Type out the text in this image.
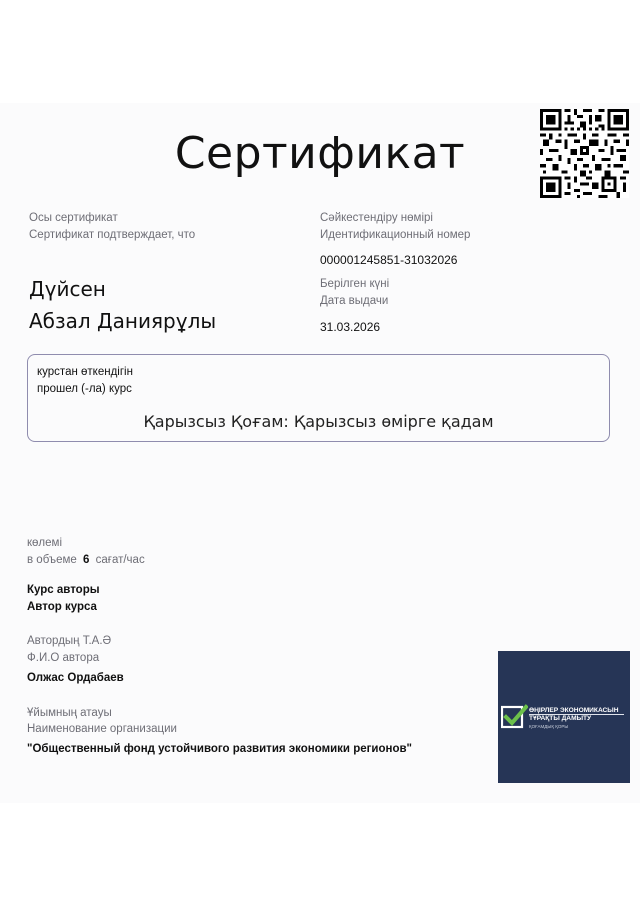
Сертификат
Осы сертификат
Сертификат подтверждает, что
Дүйсен
Абзал Даниярұлы
Сәйкестендіру нөмірі
Идентификационный номер
000001245851-31032026
Берілген күні
Дата выдачи
31.03.2026
курстан өткендігін
прошел (-ла) курс
Қарызсыз Қоғам: Қарызсыз өмірге қадам
көлемі
в объеме 6 сағат/час
Курс авторы
Автор курса
Автордың Т.А.Ә
Ф.И.О автора
Олжас Ордабаев
Ұйымның атауы
Наименование организации
"Общественный фонд устойчивого развития экономики регионов"
ӨҢІРЛЕР ЭКОНОМИКАСЫН
ТҰРАҚТЫ ДАМЫТУ
ҚОҒАМДЫҚ ҚОРЫ
